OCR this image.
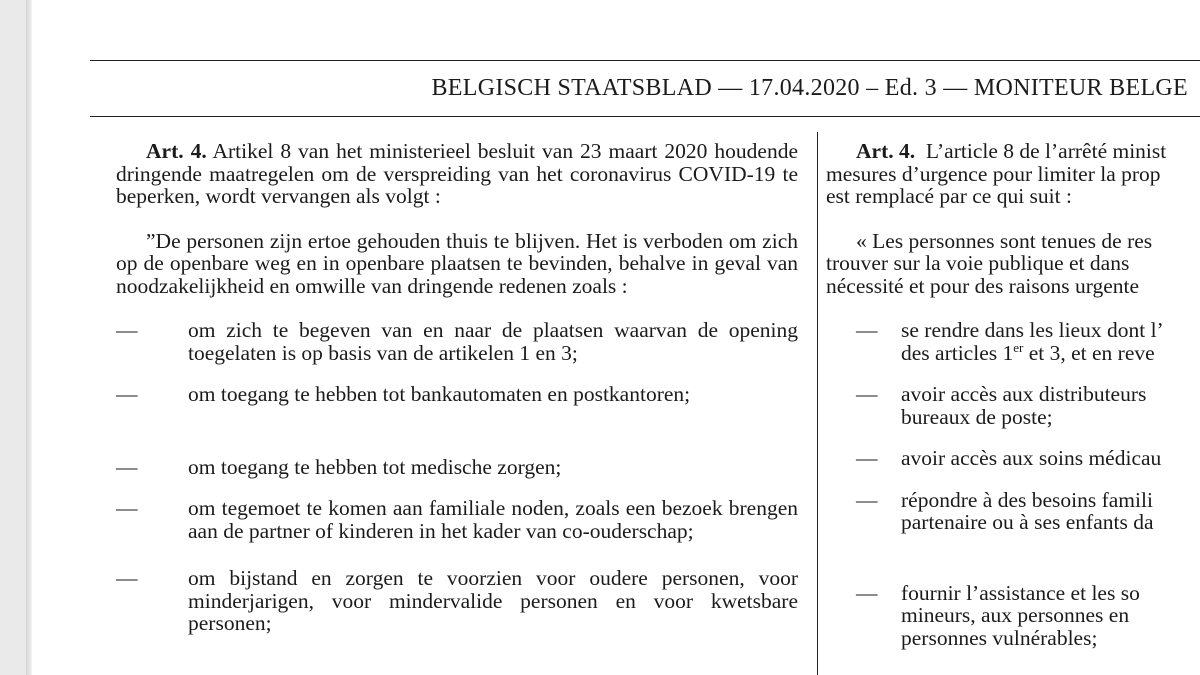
BELGISCH STAATSBLAD — 17.04.2020 – Ed. 3 — MONITEUR BELGE
Art. 4. Artikel 8 van het ministerieel besluit van 23 maart 2020 houdende dringende maatregelen om de verspreiding van het coronavirus COVID-19 te beperken, wordt vervangen als volgt :
”De personen zijn ertoe gehouden thuis te blijven. Het is verboden om zich op de openbare weg en in openbare plaatsen te bevinden, behalve in geval van noodzakelijkheid en omwille van dringende redenen zoals :
—	om zich te begeven van en naar de plaatsen waarvan de opening toegelaten is op basis van de artikelen 1 en 3;
—	om toegang te hebben tot bankautomaten en postkantoren;
—	om toegang te hebben tot medische zorgen;
—	om tegemoet te komen aan familiale noden, zoals een bezoek brengen aan de partner of kinderen in het kader van co-ouderschap;
—	om bijstand en zorgen te voorzien voor oudere personen, voor minderjarigen, voor mindervalide personen en voor kwetsbare personen;
Art. 4. L’article 8 de l’arrêté minist
mesures d’urgence pour limiter la prop
est remplacé par ce qui suit :
« Les personnes sont tenues de res
trouver sur la voie publique et dans
nécessité et pour des raisons urgente
—	se rendre dans les lieux dont l’
des articles 1er et 3, et en reve
—	avoir accès aux distributeurs
bureaux de poste;
—	avoir accès aux soins médicau
—	répondre à des besoins famili
partenaire ou à ses enfants da
—	fournir l’assistance et les so
mineurs, aux personnes en
personnes vulnérables;
